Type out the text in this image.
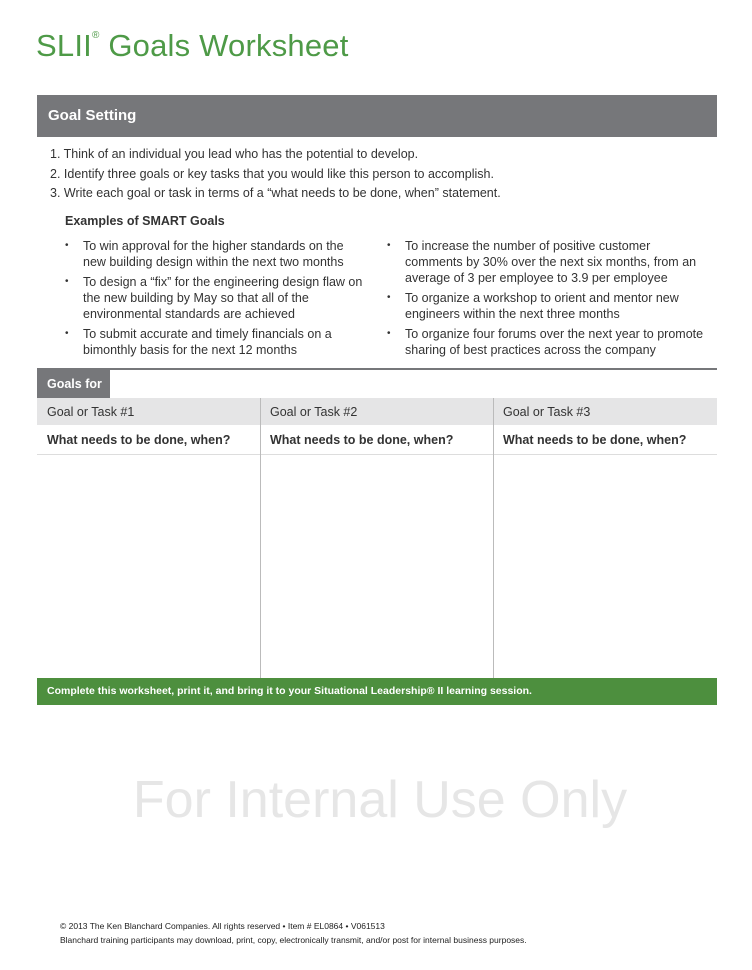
For Internal Use Only
SLII® Goals Worksheet
Goal Setting
1. Think of an individual you lead who has the potential to develop.
2. Identify three goals or key tasks that you would like this person to accomplish.
3. Write each goal or task in terms of a “what needs to be done, when” statement.
Examples of SMART Goals
• To win approval for the higher standards on the new building design within the next two months
• To design a “fix” for the engineering design flaw on the new building by May so that all of the environmental standards are achieved
• To submit accurate and timely financials on a bimonthly basis for the next 12 months
• To increase the number of positive customer comments by 30% over the next six months, from an average of 3 per employee to 3.9 per employee
• To organize a workshop to orient and mentor new engineers within the next three months
• To organize four forums over the next year to promote sharing of best practices across the company
Goals for
Goal or Task #1	Goal or Task #2	Goal or Task #3
What needs to be done, when?	What needs to be done, when?	What needs to be done, when?
Complete this worksheet, print it, and bring it to your Situational Leadership® II learning session.
© 2013 The Ken Blanchard Companies. All rights reserved • Item # EL0864 • V061513
Blanchard training participants may download, print, copy, electronically transmit, and/or post for internal business purposes.
